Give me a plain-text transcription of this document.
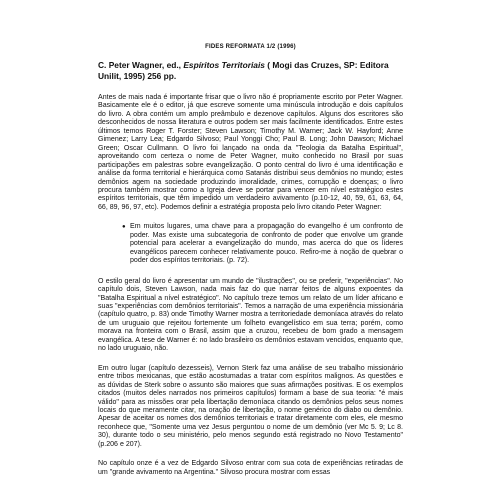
FIDES REFORMATA 1/2 (1996)
C. Peter Wagner, ed., Espíritos Territoriais ( Mogi das Cruzes, SP: Editora Unilit, 1995) 256 pp.

Antes de mais nada é importante frisar que o livro não é propriamente escrito por Peter Wagner. Basicamente ele é o editor, já que escreve somente uma minúscula introdução e dois capítulos do livro. A obra contém um amplo preâmbulo e dezenove capítulos. Alguns dos escritores são desconhecidos de nossa literatura e outros podem ser mais facilmente identificados. Entre estes últimos temos Roger T. Forster; Steven Lawson; Timothy M. Warner; Jack W. Hayford; Anne Gimenez; Larry Lea; Edgardo Silvoso; Paul Yonggi Cho; Paul B. Long; John Dawson; Michael Green; Oscar Cullmann. O livro foi lançado na onda da "Teologia da Batalha Espiritual", aproveitando com certeza o nome de Peter Wagner, muito conhecido no Brasil por suas participações em palestras sobre evangelização. O ponto central do livro é uma identificação e análise da forma territorial e hierárquica como Satanás distribui seus demônios no mundo; estes demônios agem na sociedade produzindo imoralidade, crimes, corrupção e doenças; o livro procura também mostrar como a Igreja deve se portar para vencer em nível estratégico estes espíritos territoriais, que têm impedido um verdadeiro avivamento (p.10-12, 40, 59, 61, 63, 64, 66, 89, 96, 97, etc). Podemos definir a estratégia proposta pelo livro citando Peter Wagner:

● Em muitos lugares, uma chave para a propagação do evangelho é um confronto de poder. Mas existe uma subcategoria de confronto de poder que envolve um grande potencial para acelerar a evangelização do mundo, mas acerca do que os líderes evangélicos parecem conhecer relativamente pouco. Refiro-me à noção de quebrar o poder dos espíritos territoriais. (p. 72).

O estilo geral do livro é apresentar um mundo de "ilustrações", ou se preferir, "experiências". No capítulo dois, Steven Lawson, nada mais faz do que narrar feitos de alguns expoentes da "Batalha Espiritual a nível estratégico". No capítulo treze temos um relato de um líder africano e suas "experiências com demônios territoriais". Temos a narração de uma experiência missionária (capítulo quatro, p. 83) onde Timothy Warner mostra a territoriedade demoníaca através do relato de um uruguaio que rejeitou fortemente um folheto evangelístico em sua terra; porém, como morava na fronteira com o Brasil, assim que a cruzou, recebeu de bom grado a mensagem evangélica. A tese de Warner é: no lado brasileiro os demônios estavam vencidos, enquanto que, no lado uruguaio, não.

Em outro lugar (capítulo dezesseis), Vernon Sterk faz uma análise de seu trabalho missionário entre tribos mexicanas, que estão acostumadas a tratar com espíritos malignos. As questões e as dúvidas de Sterk sobre o assunto são maiores que suas afirmações positivas. E os exemplos citados (muitos deles narrados nos primeiros capítulos) formam a base de sua teoria: "é mais válido" para as missões orar pela libertação demoníaca citando os demônios pelos seus nomes locais do que meramente citar, na oração de libertação, o nome genérico do diabo ou demônio. Apesar de aceitar os nomes dos demônios territoriais e tratar diretamente com eles, ele mesmo reconhece que, "Somente uma vez Jesus perguntou o nome de um demônio (ver Mc 5. 9; Lc 8. 30), durante todo o seu ministério, pelo menos segundo está registrado no Novo Testamento" (p.206 e 207).

No capítulo onze é a vez de Edgardo Silvoso entrar com sua cota de experiências retiradas de um "grande avivamento na Argentina." Silvoso procura mostrar com essas
